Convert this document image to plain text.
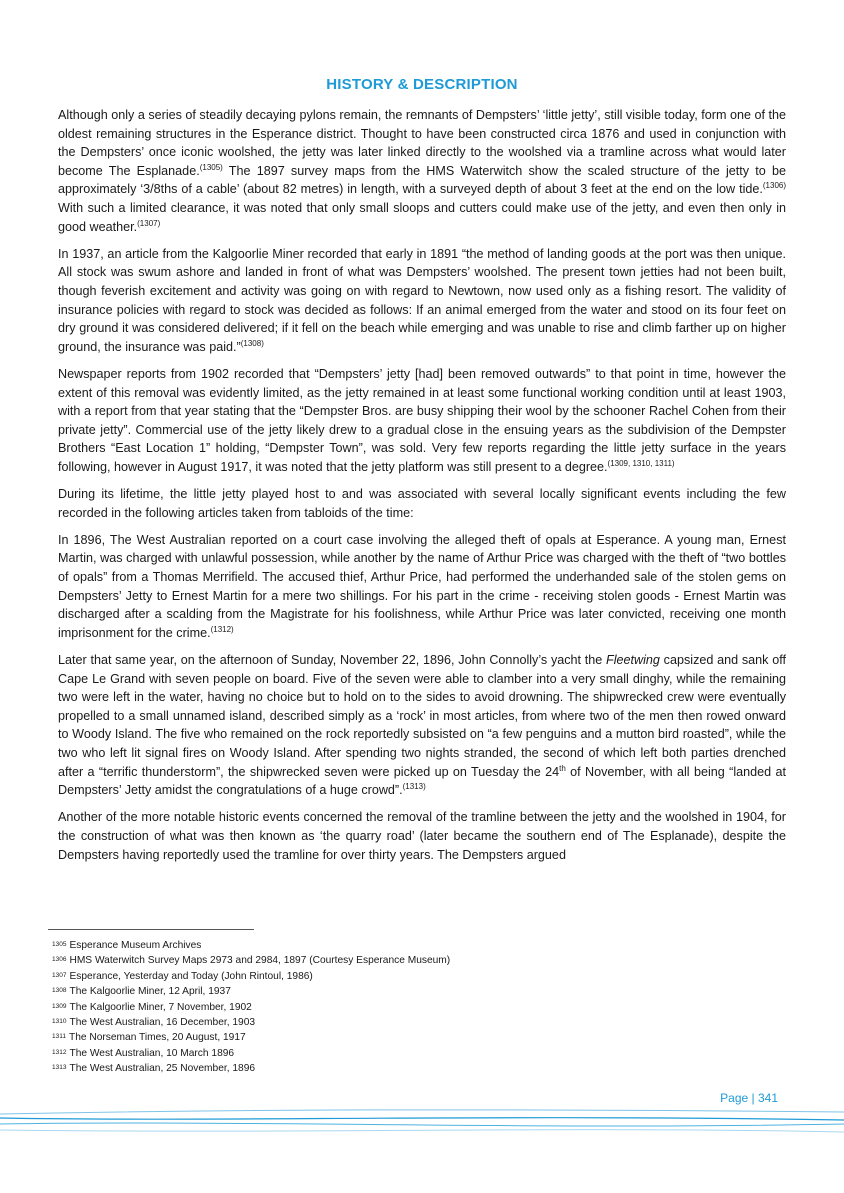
HISTORY & DESCRIPTION

Although only a series of steadily decaying pylons remain, the remnants of Dempsters’ ‘little jetty’, still visible today, form one of the oldest remaining structures in the Esperance district. Thought to have been constructed circa 1876 and used in conjunction with the Dempsters’ once iconic woolshed, the jetty was later linked directly to the woolshed via a tramline across what would later become The Esplanade.$^{(1305)}$ The 1897 survey maps from the HMS Waterwitch show the scaled structure of the jetty to be approximately ‘3/8ths of a cable’ (about 82 metres) in length, with a surveyed depth of about 3 feet at the end on the low tide.$^{(1306)}$ With such a limited clearance, it was noted that only small sloops and cutters could make use of the jetty, and even then only in good weather.$^{(1307)}$

In 1937, an article from the Kalgoorlie Miner recorded that early in 1891 “the method of landing goods at the port was then unique. All stock was swum ashore and landed in front of what was Dempsters’ woolshed. The present town jetties had not been built, though feverish excitement and activity was going on with regard to Newtown, now used only as a fishing resort. The validity of insurance policies with regard to stock was decided as follows: If an animal emerged from the water and stood on its four feet on dry ground it was considered delivered; if it fell on the beach while emerging and was unable to rise and climb farther up on higher ground, the insurance was paid.”$^{(1308)}$

Newspaper reports from 1902 recorded that “Dempsters’ jetty [had] been removed outwards” to that point in time, however the extent of this removal was evidently limited, as the jetty remained in at least some functional working condition until at least 1903, with a report from that year stating that the “Dempster Bros. are busy shipping their wool by the schooner Rachel Cohen from their private jetty”. Commercial use of the jetty likely drew to a gradual close in the ensuing years as the subdivision of the Dempster Brothers “East Location 1” holding, “Dempster Town”, was sold. Very few reports regarding the little jetty surface in the years following, however in August 1917, it was noted that the jetty platform was still present to a degree.$^{(1309, 1310, 1311)}$

During its lifetime, the little jetty played host to and was associated with several locally significant events including the few recorded in the following articles taken from tabloids of the time:

In 1896, The West Australian reported on a court case involving the alleged theft of opals at Esperance. A young man, Ernest Martin, was charged with unlawful possession, while another by the name of Arthur Price was charged with the theft of “two bottles of opals” from a Thomas Merrifield. The accused thief, Arthur Price, had performed the underhanded sale of the stolen gems on Dempsters’ Jetty to Ernest Martin for a mere two shillings. For his part in the crime - receiving stolen goods - Ernest Martin was discharged after a scalding from the Magistrate for his foolishness, while Arthur Price was later convicted, receiving one month imprisonment for the crime.$^{(1312)}$

Later that same year, on the afternoon of Sunday, November 22, 1896, John Connolly’s yacht the Fleetwing capsized and sank off Cape Le Grand with seven people on board. Five of the seven were able to clamber into a very small dinghy, while the remaining two were left in the water, having no choice but to hold on to the sides to avoid drowning. The shipwrecked crew were eventually propelled to a small unnamed island, described simply as a ‘rock’ in most articles, from where two of the men then rowed onward to Woody Island. The five who remained on the rock reportedly subsisted on “a few penguins and a mutton bird roasted”, while the two who left lit signal fires on Woody Island. After spending two nights stranded, the second of which left both parties drenched after a “terrific thunderstorm”, the shipwrecked seven were picked up on Tuesday the 24th of November, with all being “landed at Dempsters’ Jetty amidst the congratulations of a huge crowd”.$^{(1313)}$

Another of the more notable historic events concerned the removal of the tramline between the jetty and the woolshed in 1904, for the construction of what was then known as ‘the quarry road’ (later became the southern end of The Esplanade), despite the Dempsters having reportedly used the tramline for over thirty years. The Dempsters argued

$^{1305}$ Esperance Museum Archives
$^{1306}$ HMS Waterwitch Survey Maps 2973 and 2984, 1897 (Courtesy Esperance Museum)
$^{1307}$ Esperance, Yesterday and Today (John Rintoul, 1986)
$^{1308}$ The Kalgoorlie Miner, 12 April, 1937
$^{1309}$ The Kalgoorlie Miner, 7 November, 1902
$^{1310}$ The West Australian, 16 December, 1903
$^{1311}$ The Norseman Times, 20 August, 1917
$^{1312}$ The West Australian, 10 March 1896
$^{1313}$ The West Australian, 25 November, 1896
Page | 341
